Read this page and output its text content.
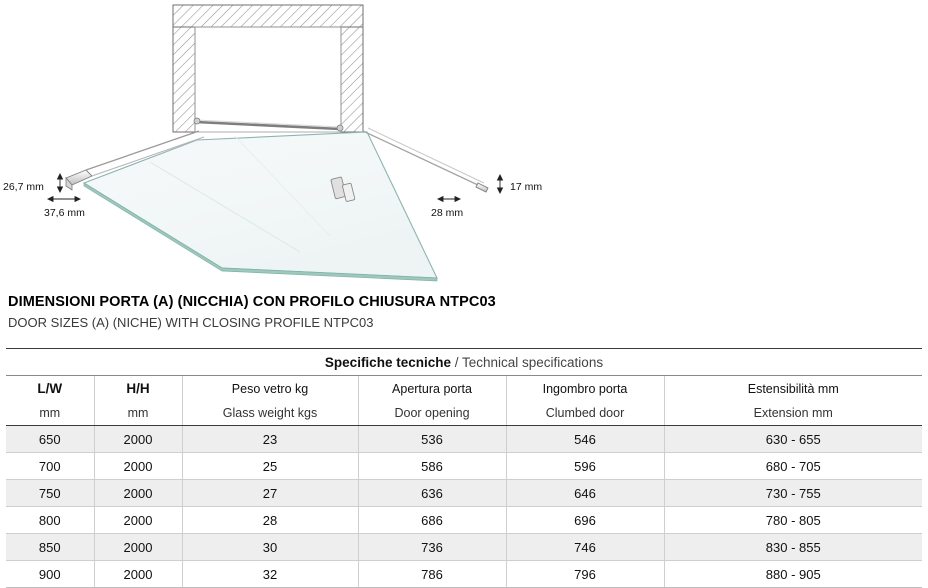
26,7 mm
37,6 mm
17 mm
28 mm
DIMENSIONI PORTA (A) (NICCHIA) CON PROFILO CHIUSURA NTPC03
DOOR SIZES (A) (NICHE) WITH CLOSING PROFILE NTPC03
Specifiche tecniche / Technical specifications					
L/W	H/H	Peso vetro kg	Apertura porta	Ingombro porta	Estensibilità mm
mm	mm	Glass weight kgs	Door opening	Clumbed door	Extension mm
650	2000	23	536	546	630 - 655
700	2000	25	586	596	680 - 705
750	2000	27	636	646	730 - 755
800	2000	28	686	696	780 - 805
850	2000	30	736	746	830 - 855
900	2000	32	786	796	880 - 905
